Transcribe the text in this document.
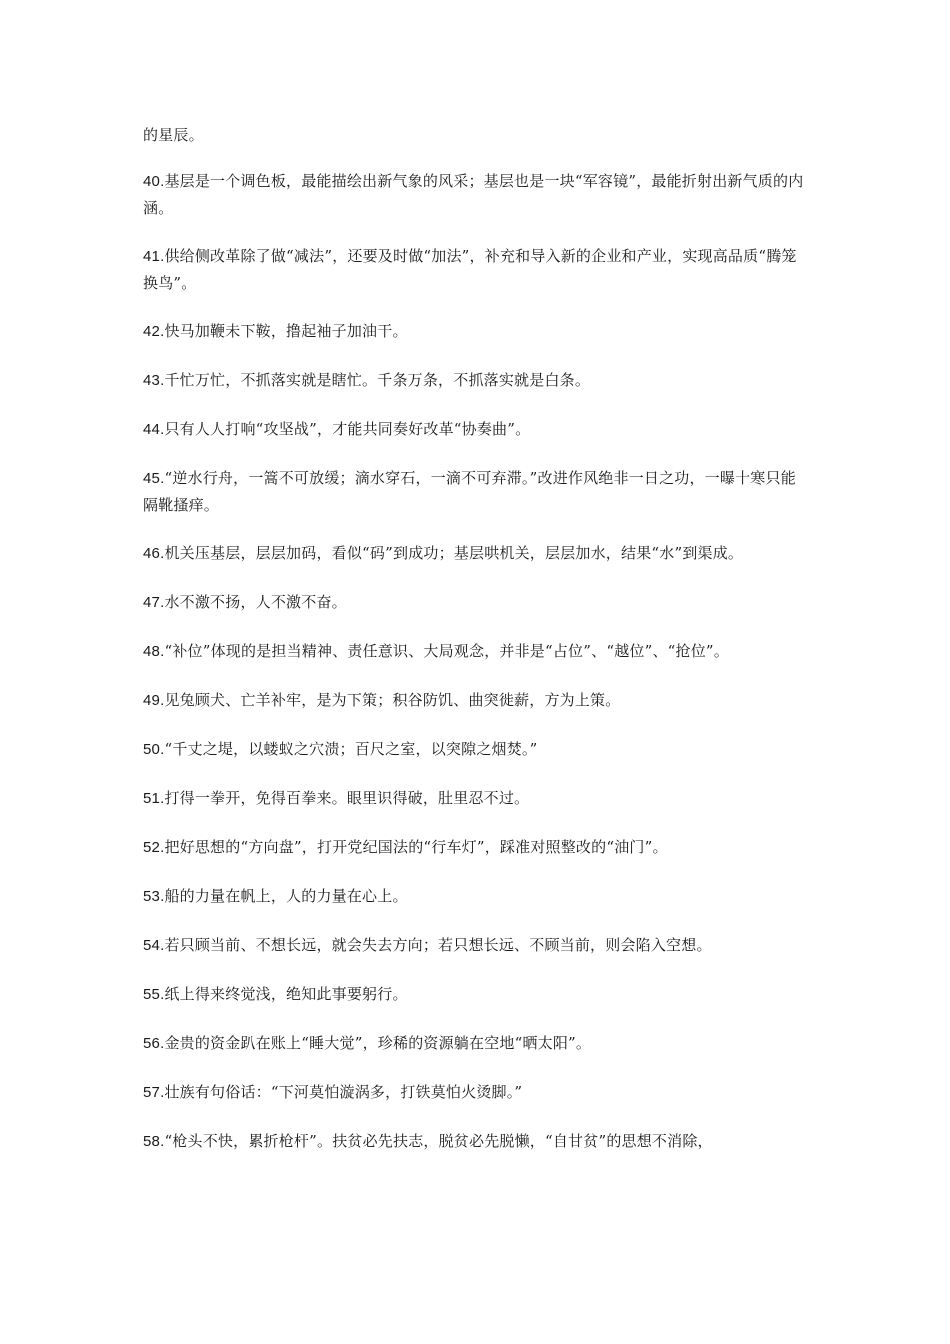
的星辰。

40.基层是一个调色板，最能描绘出新气象的风采；基层也是一块“军容镜”，最能折射出新气质的内涵。

41.供给侧改革除了做“减法”，还要及时做“加法”，补充和导入新的企业和产业，实现高品质“腾笼换鸟”。

42.快马加鞭未下鞍，撸起袖子加油干。

43.千忙万忙，不抓落实就是瞎忙。千条万条，不抓落实就是白条。

44.只有人人打响“攻坚战”，才能共同奏好改革“协奏曲”。

45.“逆水行舟，一篙不可放缓；滴水穿石，一滴不可弃滞。”改进作风绝非一日之功，一曝十寒只能隔靴搔痒。

46.机关压基层，层层加码，看似“码”到成功；基层哄机关，层层加水，结果“水”到渠成。

47.水不激不扬，人不激不奋。

48.“补位”体现的是担当精神、责任意识、大局观念，并非是“占位”、“越位”、“抢位”。

49.见兔顾犬、亡羊补牢，是为下策；积谷防饥、曲突徙薪，方为上策。

50.“千丈之堤，以蝼蚁之穴溃；百尺之室，以突隙之烟焚。”

51.打得一拳开，免得百拳来。眼里识得破，肚里忍不过。

52.把好思想的“方向盘”，打开党纪国法的“行车灯”，踩准对照整改的“油门”。

53.船的力量在帆上，人的力量在心上。

54.若只顾当前、不想长远，就会失去方向；若只想长远、不顾当前，则会陷入空想。

55.纸上得来终觉浅，绝知此事要躬行。

56.金贵的资金趴在账上“睡大觉”，珍稀的资源躺在空地“晒太阳”。

57.壮族有句俗话：“下河莫怕漩涡多，打铁莫怕火烫脚。”

58.“枪头不快，累折枪杆”。扶贫必先扶志，脱贫必先脱懒，“自甘贫”的思想不消除，
